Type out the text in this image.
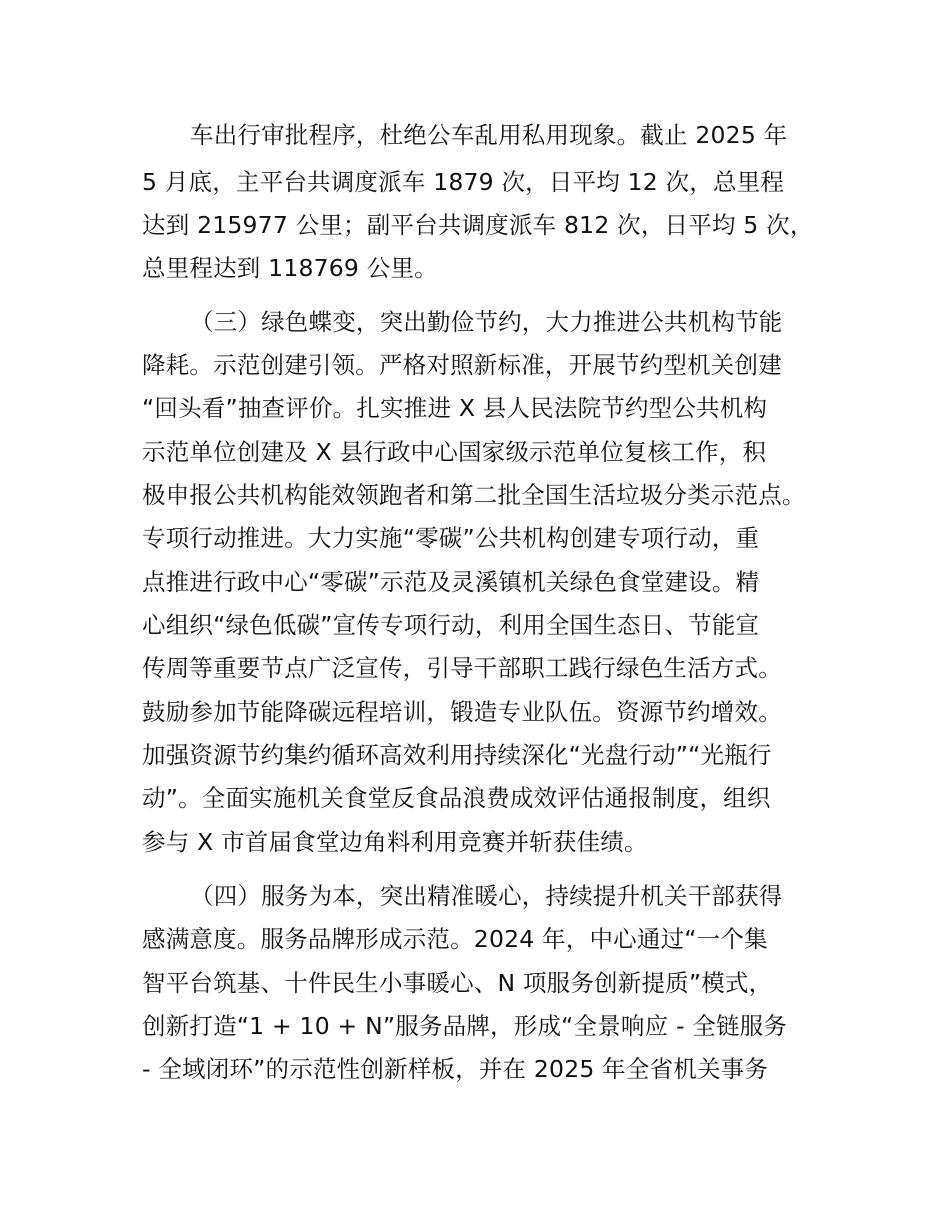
车出行审批程序，杜绝公车乱用私用现象。截止 2025 年

5 月底，主平台共调度派车 1879 次，日平均 12 次，总里程

达到 215977 公里；副平台共调度派车 812 次，日平均 5 次，

总里程达到 118769 公里。

（三）绿色蝶变，突出勤俭节约，大力推进公共机构节能

降耗。示范创建引领。严格对照新标准，开展节约型机关创建

“回头看”抽查评价。扎实推进 X 县人民法院节约型公共机构

示范单位创建及 X 县行政中心国家级示范单位复核工作，积

极申报公共机构能效领跑者和第二批全国生活垃圾分类示范点。

专项行动推进。大力实施“零碳”公共机构创建专项行动，重

点推进行政中心“零碳”示范及灵溪镇机关绿色食堂建设。精

心组织“绿色低碳”宣传专项行动，利用全国生态日、节能宣

传周等重要节点广泛宣传，引导干部职工践行绿色生活方式。

鼓励参加节能降碳远程培训，锻造专业队伍。资源节约增效。

加强资源节约集约循环高效利用持续深化“光盘行动”“光瓶行

动”。全面实施机关食堂反食品浪费成效评估通报制度，组织

参与 X 市首届食堂边角料利用竞赛并斩获佳绩。

（四）服务为本，突出精准暖心，持续提升机关干部获得

感满意度。服务品牌形成示范。2024 年，中心通过“一个集

智平台筑基、十件民生小事暖心、N 项服务创新提质”模式，

创新打造“1 + 10 + N”服务品牌，形成“全景响应 - 全链服务

- 全域闭环”的示范性创新样板，并在 2025 年全省机关事务
